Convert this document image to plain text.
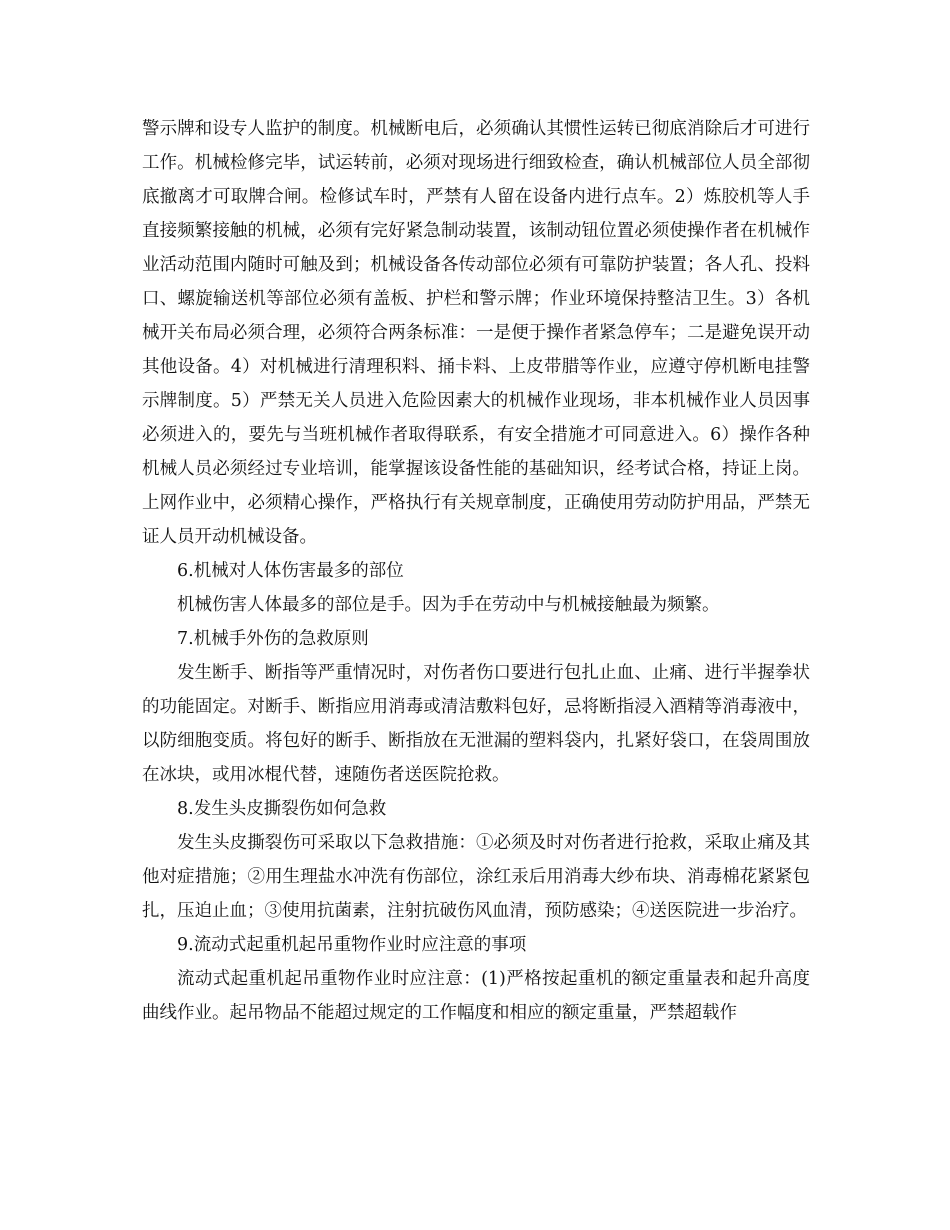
警示牌和设专人监护的制度。机械断电后，必须确认其惯性运转已彻底消除后才可进行工作。机械检修完毕，试运转前，必须对现场进行细致检查，确认机械部位人员全部彻底撤离才可取牌合闸。检修试车时，严禁有人留在设备内进行点车。2）炼胶机等人手直接频繁接触的机械，必须有完好紧急制动装置，该制动钮位置必须使操作者在机械作业活动范围内随时可触及到；机械设备各传动部位必须有可靠防护装置；各人孔、投料口、螺旋输送机等部位必须有盖板、护栏和警示牌；作业环境保持整洁卫生。3）各机械开关布局必须合理，必须符合两条标准：一是便于操作者紧急停车；二是避免误开动其他设备。4）对机械进行清理积料、捅卡料、上皮带腊等作业，应遵守停机断电挂警示牌制度。5）严禁无关人员进入危险因素大的机械作业现场，非本机械作业人员因事必须进入的，要先与当班机械作者取得联系，有安全措施才可同意进入。6）操作各种机械人员必须经过专业培训，能掌握该设备性能的基础知识，经考试合格，持证上岗。上网作业中，必须精心操作，严格执行有关规章制度，正确使用劳动防护用品，严禁无证人员开动机械设备。

6.机械对人体伤害最多的部位

机械伤害人体最多的部位是手。因为手在劳动中与机械接触最为频繁。

7.机械手外伤的急救原则

发生断手、断指等严重情况时，对伤者伤口要进行包扎止血、止痛、进行半握拳状的功能固定。对断手、断指应用消毒或清洁敷料包好，忌将断指浸入酒精等消毒液中，以防细胞变质。将包好的断手、断指放在无泄漏的塑料袋内，扎紧好袋口，在袋周围放在冰块，或用冰棍代替，速随伤者送医院抢救。

8.发生头皮撕裂伤如何急救

发生头皮撕裂伤可采取以下急救措施：①必须及时对伤者进行抢救，采取止痛及其他对症措施；②用生理盐水冲洗有伤部位，涂红汞后用消毒大纱布块、消毒棉花紧紧包扎，压迫止血；③使用抗菌素，注射抗破伤风血清，预防感染；④送医院进一步治疗。

9.流动式起重机起吊重物作业时应注意的事项

流动式起重机起吊重物作业时应注意：(1)严格按起重机的额定重量表和起升高度曲线作业。起吊物品不能超过规定的工作幅度和相应的额定重量，严禁超载作
